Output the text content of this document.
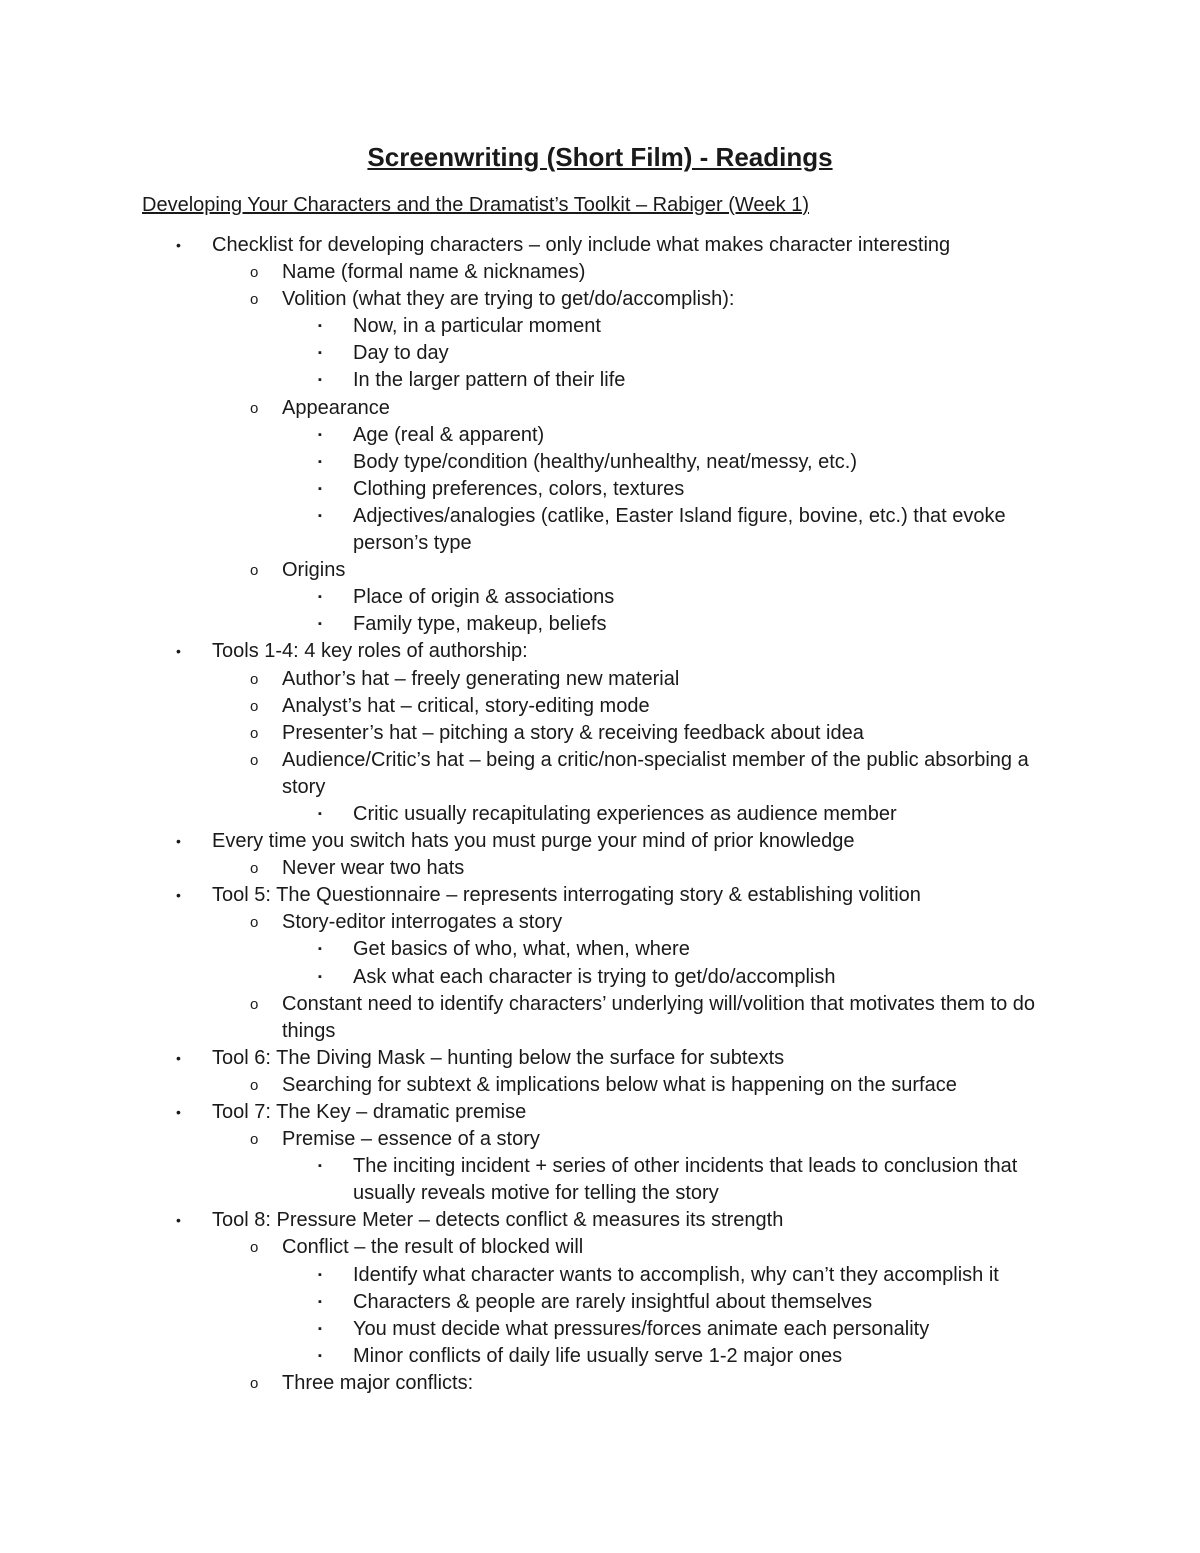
Screenwriting (Short Film) - Readings
Developing Your Characters and the Dramatist’s Toolkit – Rabiger (Week 1)
• Checklist for developing characters – only include what makes character interesting
o Name (formal name & nicknames)
o Volition (what they are trying to get/do/accomplish):
▪ Now, in a particular moment
▪ Day to day
▪ In the larger pattern of their life
o Appearance
▪ Age (real & apparent)
▪ Body type/condition (healthy/unhealthy, neat/messy, etc.)
▪ Clothing preferences, colors, textures
▪ Adjectives/analogies (catlike, Easter Island figure, bovine, etc.) that evoke person’s type
o Origins
▪ Place of origin & associations
▪ Family type, makeup, beliefs
• Tools 1-4: 4 key roles of authorship:
o Author’s hat – freely generating new material
o Analyst’s hat – critical, story-editing mode
o Presenter’s hat – pitching a story & receiving feedback about idea
o Audience/Critic’s hat – being a critic/non-specialist member of the public absorbing a story
▪ Critic usually recapitulating experiences as audience member
• Every time you switch hats you must purge your mind of prior knowledge
o Never wear two hats
• Tool 5: The Questionnaire – represents interrogating story & establishing volition
o Story-editor interrogates a story
▪ Get basics of who, what, when, where
▪ Ask what each character is trying to get/do/accomplish
o Constant need to identify characters’ underlying will/volition that motivates them to do things
• Tool 6: The Diving Mask – hunting below the surface for subtexts
o Searching for subtext & implications below what is happening on the surface
• Tool 7: The Key – dramatic premise
o Premise – essence of a story
▪ The inciting incident + series of other incidents that leads to conclusion that usually reveals motive for telling the story
• Tool 8: Pressure Meter – detects conflict & measures its strength
o Conflict – the result of blocked will
▪ Identify what character wants to accomplish, why can’t they accomplish it
▪ Characters & people are rarely insightful about themselves
▪ You must decide what pressures/forces animate each personality
▪ Minor conflicts of daily life usually serve 1-2 major ones
o Three major conflicts:
